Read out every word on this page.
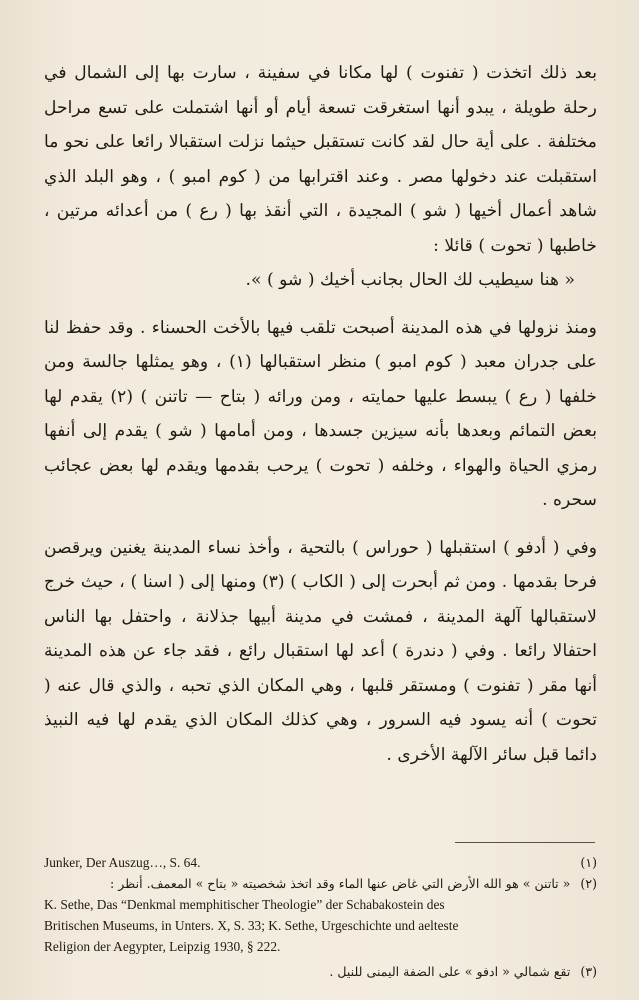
بعد ذلك اتخذت ( تفنوت ) لها مكانا في سفينة ، سارت بها إلى الشمال في رحلة طويلة ، يبدو أنها استغرقت تسعة أيام أو أنها اشتملت على تسع مراحل مختلفة . على أية حال لقد كانت تستقبل حيثما نزلت استقبالا رائعا على نحو ما استقبلت عند دخولها مصر . وعند اقترابها من ( كوم امبو ) ، وهو البلد الذي شاهد أعمال أخيها ( شو ) المجيدة ، التي أنقذ بها ( رع ) من أعدائه مرتين ، خاطبها ( تحوت ) قائلا :

« هنا سيطيب لك الحال بجانب أخيك ( شو ) ».

ومنذ نزولها في هذه المدينة أصبحت تلقب فيها بالأخت الحسناء . وقد حفظ لنا على جدران معبد ( كوم امبو ) منظر استقبالها (١) ، وهو يمثلها جالسة ومن خلفها ( رع ) يبسط عليها حمايته ، ومن ورائه ( بتاح — تاتنن ) (٢) يقدم لها بعض التمائم وبعدها بأنه سيزين جسدها ، ومن أمامها ( شو ) يقدم إلى أنفها رمزي الحياة والهواء ، وخلفه ( تحوت ) يرحب بقدمها ويقدم لها بعض عجائب سحره .

وفي ( أدفو ) استقبلها ( حوراس ) بالتحية ، وأخذ نساء المدينة يغنين ويرقصن فرحا بقدمها . ومن ثم أبحرت إلى ( الكاب ) (٣) ومنها إلى ( اسنا ) ، حيث خرج لاستقبالها آلهة المدينة ، فمشت في مدينة أبيها جذلانة ، واحتفل بها الناس احتفالا رائعا . وفي ( دندرة ) أعد لها استقبال رائع ، فقد جاء عن هذه المدينة أنها مقر ( تفنوت ) ومستقر قلبها ، وهي المكان الذي تحبه ، والذي قال عنه ( تحوت ) أنه يسود فيه السرور ، وهي كذلك المكان الذي يقدم لها فيه النبيذ دائما قبل سائر الآلهة الأخرى .

Junker, Der Auszug…, S. 64.	(١)
(٢)
« تاتنن » هو الله الأرض التي غاض عنها الماء وقد اتخذ شخصيته « بتاح » المعمف. أنظر :
K. Sethe, Das “Denkmal memphitischer Theologie” der Schabakostein des
Britischen Museums, in Unters. X, S. 33; K. Sethe, Urgeschichte und aelteste
Religion der Aegypter, Leipzig 1930, § 222.
(٣)
تقع شمالي « ادفو » على الضفة اليمنى للنيل .
